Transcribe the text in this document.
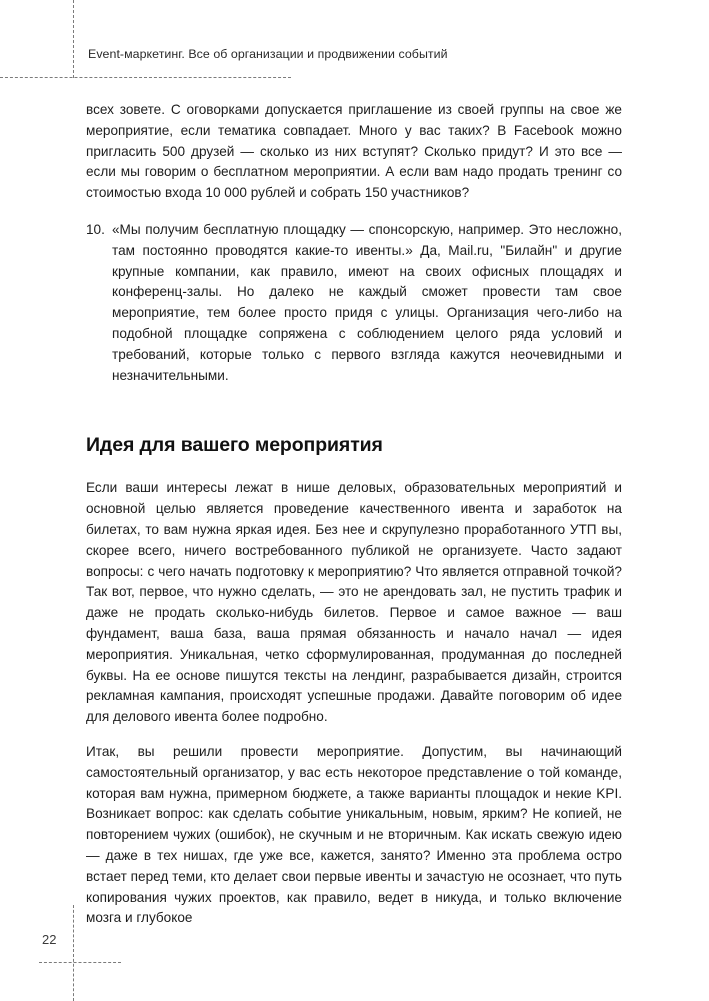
Event-маркетинг. Все об организации и продвижении событий

всех зовете. С оговорками допускается приглашение из своей группы на свое же мероприятие, если тематика совпадает. Много у вас таких? В Facebook можно пригласить 500 друзей — сколько из них вступят? Сколько придут? И это все — если мы говорим о бесплатном мероприятии. А если вам надо продать тренинг со стоимостью входа 10 000 рублей и собрать 150 участников?

10. «Мы получим бесплатную площадку — спонсорскую, например. Это несложно, там постоянно проводятся какие-то ивенты.» Да, Mail.ru, "Билайн" и другие крупные компании, как правило, имеют на своих офисных площадях и конференц-залы. Но далеко не каждый сможет провести там свое мероприятие, тем более просто придя с улицы. Организация чего-либо на подобной площадке сопряжена с соблюдением целого ряда условий и требований, которые только с первого взгляда кажутся неочевидными и незначительными.
Идея для вашего мероприятия

Если ваши интересы лежат в нише деловых, образовательных мероприятий и основной целью является проведение качественного ивента и заработок на билетах, то вам нужна яркая идея. Без нее и скрупулезно проработанного УТП вы, скорее всего, ничего востребованного публикой не организуете. Часто задают вопросы: с чего начать подготовку к мероприятию? Что является отправной точкой? Так вот, первое, что нужно сделать, — это не арендовать зал, не пустить трафик и даже не продать сколько-нибудь билетов. Первое и самое важное — ваш фундамент, ваша база, ваша прямая обязанность и начало начал — идея мероприятия. Уникальная, четко сформулированная, продуманная до последней буквы. На ее основе пишутся тексты на лендинг, разрабывается дизайн, строится рекламная кампания, происходят успешные продажи. Давайте поговорим об идее для делового ивента более подробно.

Итак, вы решили провести мероприятие. Допустим, вы начинающий самостоятельный организатор, у вас есть некоторое представление о той команде, которая вам нужна, примерном бюджете, а также варианты площадок и некие KPI. Возникает вопрос: как сделать событие уникальным, новым, ярким? Не копией, не повторением чужих (ошибок), не скучным и не вторичным. Как искать свежую идею — даже в тех нишах, где уже все, кажется, занято? Именно эта проблема остро встает перед теми, кто делает свои первые ивенты и зачастую не осознает, что путь копирования чужих проектов, как правило, ведет в никуда, и только включение мозга и глубокое

22
